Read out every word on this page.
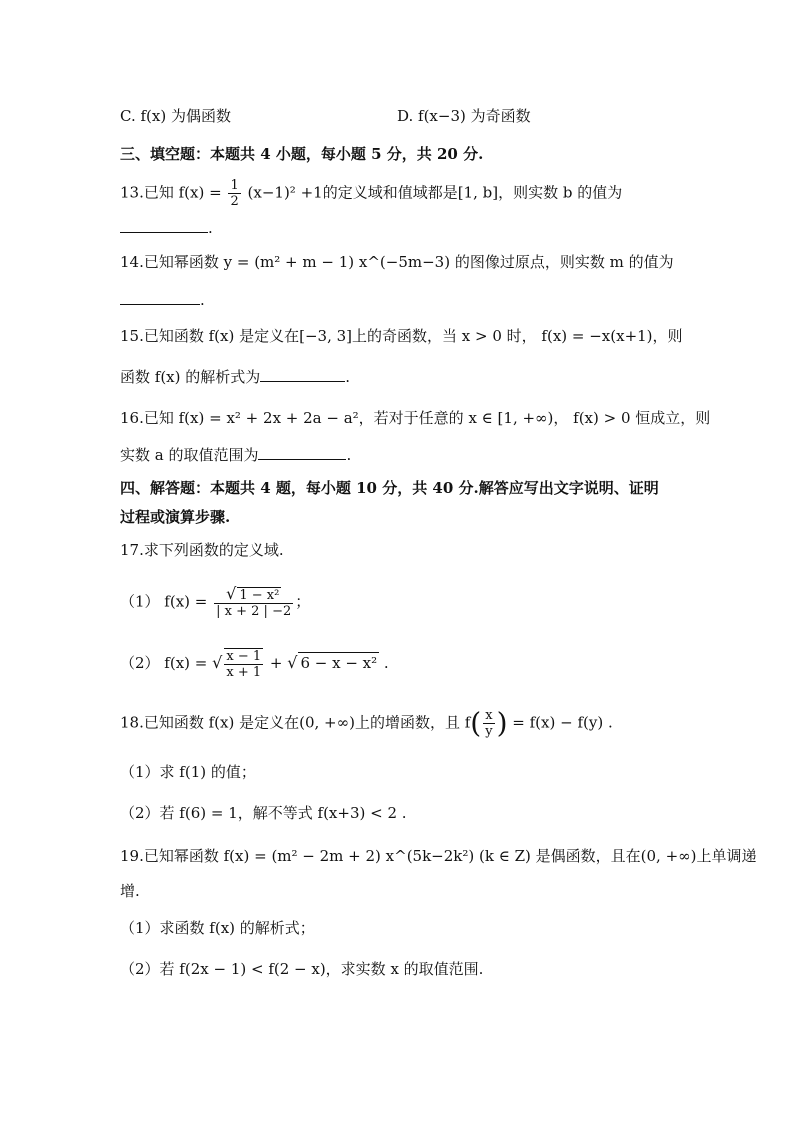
C. f(x) 为偶函数	D. f(x−3) 为奇函数
三、填空题：本题共 4 小题，每小题 5 分，共 20 分.
13.已知 $f(x) = \frac{1}{2} (x-1)^2 +1$的定义域和值域都是[1, b]，则实数 b 的值为
.
14.已知幂函数 y = (m² + m − 1) x^(−5m−3) 的图像过原点，则实数 m 的值为
.
15.已知函数 f(x) 是定义在[−3, 3]上的奇函数，当 x > 0 时， f(x) = −x(x+1)，则
函数 f(x) 的解析式为	.
16.已知 f(x) = x² + 2x + 2a − a²，若对于任意的 x ∈ [1, +∞)， f(x) > 0 恒成立，则
实数 a 的取值范围为	.
四、解答题：本题共 4 题，每小题 10 分，共 40 分.解答应写出文字说明、证明
过程或演算步骤.
17.求下列函数的定义域.
（1） $f(x) = \frac{\text{√ 1 − x²}}{| x + 2 | -2}$ ；
（2） f(x) = √ $\frac{x - 1}{x + 1}$ + √ 6 − x − x² .
18.已知函数 f(x) 是定义在(0, +∞)上的增函数，且 $f( \frac{x}{y}$ ) = f(x) − f(y) .
（1）求 f(1) 的值；
（2）若 f(6) = 1，解不等式 f(x+3) < 2 .
19.已知幂函数 f(x) = (m² − 2m + 2) x^(5k−2k²) (k ∈ Z) 是偶函数，且在(0, +∞)上单调递
增.
（1）求函数 f(x) 的解析式；
（2）若 f(2x − 1) < f(2 − x)，求实数 x 的取值范围.
